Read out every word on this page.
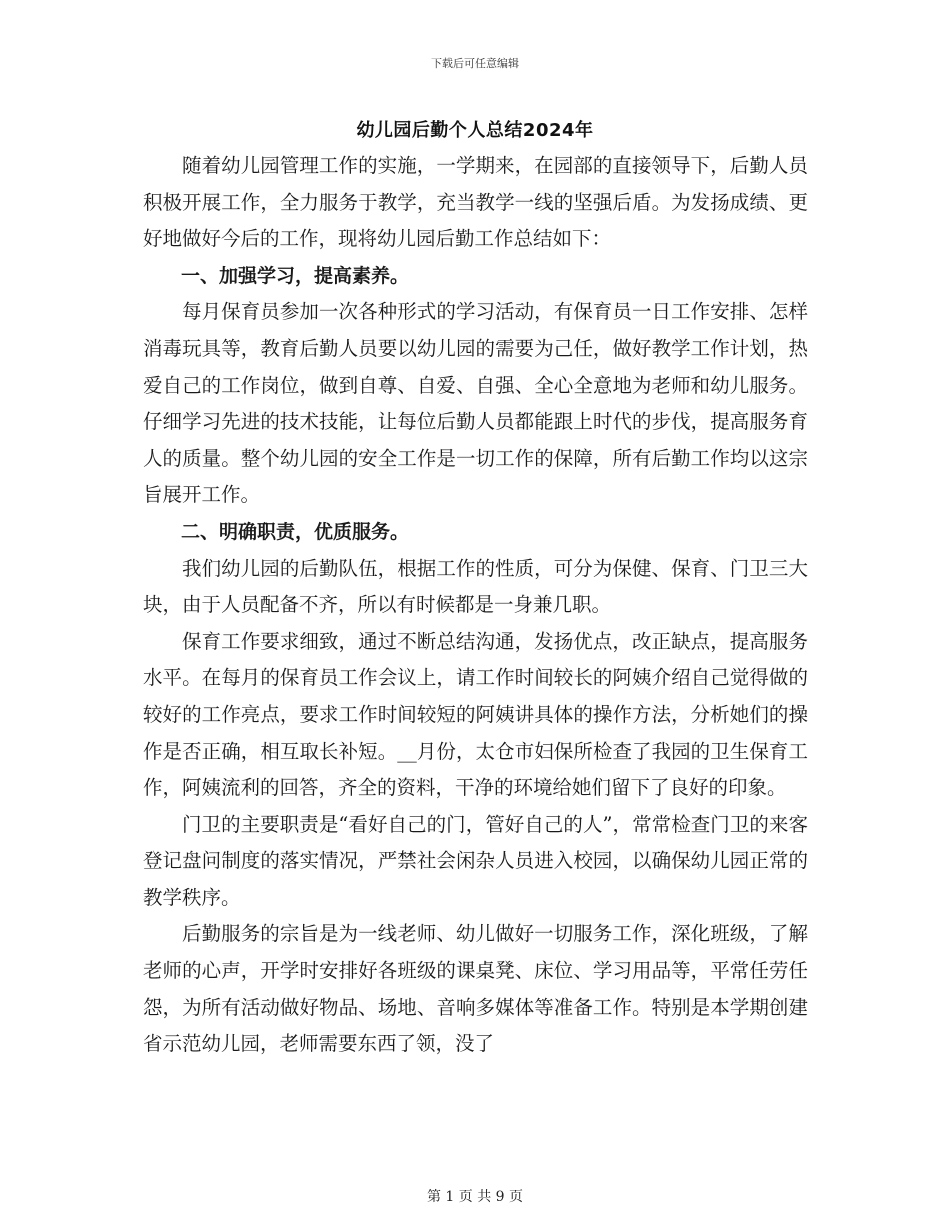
下载后可任意编辑
幼儿园后勤个人总结2024年

随着幼儿园管理工作的实施，一学期来，在园部的直接领导下，后勤人员积极开展工作，全力服务于教学，充当教学一线的坚强后盾。为发扬成绩、更好地做好今后的工作，现将幼儿园后勤工作总结如下：

一、加强学习，提高素养。

每月保育员参加一次各种形式的学习活动，有保育员一日工作安排、怎样消毒玩具等，教育后勤人员要以幼儿园的需要为己任，做好教学工作计划，热爱自己的工作岗位，做到自尊、自爱、自强、全心全意地为老师和幼儿服务。仔细学习先进的技术技能，让每位后勤人员都能跟上时代的步伐，提高服务育人的质量。整个幼儿园的安全工作是一切工作的保障，所有后勤工作均以这宗旨展开工作。

二、明确职责，优质服务。

我们幼儿园的后勤队伍，根据工作的性质，可分为保健、保育、门卫三大块，由于人员配备不齐，所以有时候都是一身兼几职。

保育工作要求细致，通过不断总结沟通，发扬优点，改正缺点，提高服务水平。在每月的保育员工作会议上，请工作时间较长的阿姨介绍自己觉得做的较好的工作亮点，要求工作时间较短的阿姨讲具体的操作方法，分析她们的操作是否正确，相互取长补短。__月份，太仓市妇保所检查了我园的卫生保育工作，阿姨流利的回答，齐全的资料，干净的环境给她们留下了良好的印象。

门卫的主要职责是“看好自己的门，管好自己的人”，常常检查门卫的来客登记盘问制度的落实情况，严禁社会闲杂人员进入校园，以确保幼儿园正常的教学秩序。

后勤服务的宗旨是为一线老师、幼儿做好一切服务工作，深化班级，了解老师的心声，开学时安排好各班级的课桌凳、床位、学习用品等，平常任劳任怨，为所有活动做好物品、场地、音响多媒体等准备工作。特别是本学期创建省示范幼儿园，老师需要东西了领，没了

第 1 页 共 9 页
